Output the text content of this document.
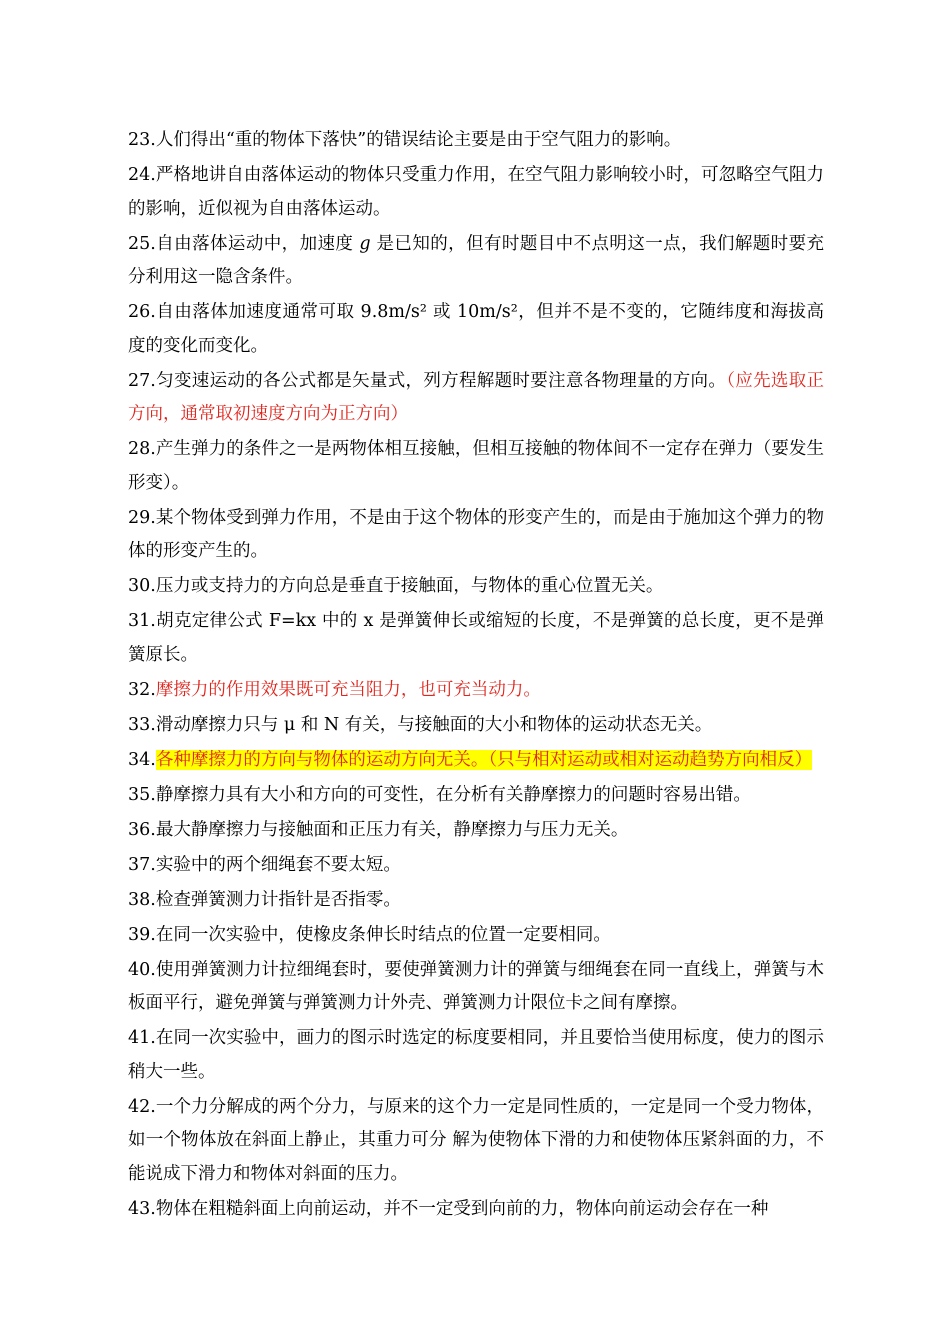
23.人们得出“重的物体下落快”的错误结论主要是由于空气阻力的影响。

24.严格地讲自由落体运动的物体只受重力作用，在空气阻力影响较小时，可忽略空气阻力的影响，近似视为自由落体运动。

25.自由落体运动中，加速度 g 是已知的，但有时题目中不点明这一点，我们解题时要充分利用这一隐含条件。

26.自由落体加速度通常可取 9.8m/s² 或 10m/s²，但并不是不变的，它随纬度和海拔高度的变化而变化。

27.匀变速运动的各公式都是矢量式，列方程解题时要注意各物理量的方向。（应先选取正方向，通常取初速度方向为正方向）

28.产生弹力的条件之一是两物体相互接触，但相互接触的物体间不一定存在弹力（要发生形变）。

29.某个物体受到弹力作用，不是由于这个物体的形变产生的，而是由于施加这个弹力的物体的形变产生的。

30.压力或支持力的方向总是垂直于接触面，与物体的重心位置无关。

31.胡克定律公式 F=kx 中的 x 是弹簧伸长或缩短的长度，不是弹簧的总长度，更不是弹簧原长。

32.摩擦力的作用效果既可充当阻力，也可充当动力。

33.滑动摩擦力只与 μ 和 N 有关，与接触面的大小和物体的运动状态无关。

34.各种摩擦力的方向与物体的运动方向无关。（只与相对运动或相对运动趋势方向相反）

35.静摩擦力具有大小和方向的可变性，在分析有关静摩擦力的问题时容易出错。

36.最大静摩擦力与接触面和正压力有关，静摩擦力与压力无关。

37.实验中的两个细绳套不要太短。

38.检查弹簧测力计指针是否指零。

39.在同一次实验中，使橡皮条伸长时结点的位置一定要相同。

40.使用弹簧测力计拉细绳套时，要使弹簧测力计的弹簧与细绳套在同一直线上，弹簧与木板面平行，避免弹簧与弹簧测力计外壳、弹簧测力计限位卡之间有摩擦。

41.在同一次实验中，画力的图示时选定的标度要相同，并且要恰当使用标度，使力的图示稍大一些。

42.一个力分解成的两个分力，与原来的这个力一定是同性质的，一定是同一个受力物体，如一个物体放在斜面上静止，其重力可分 解为使物体下滑的力和使物体压紧斜面的力，不能说成下滑力和物体对斜面的压力。

43.物体在粗糙斜面上向前运动，并不一定受到向前的力，物体向前运动会存在一种
